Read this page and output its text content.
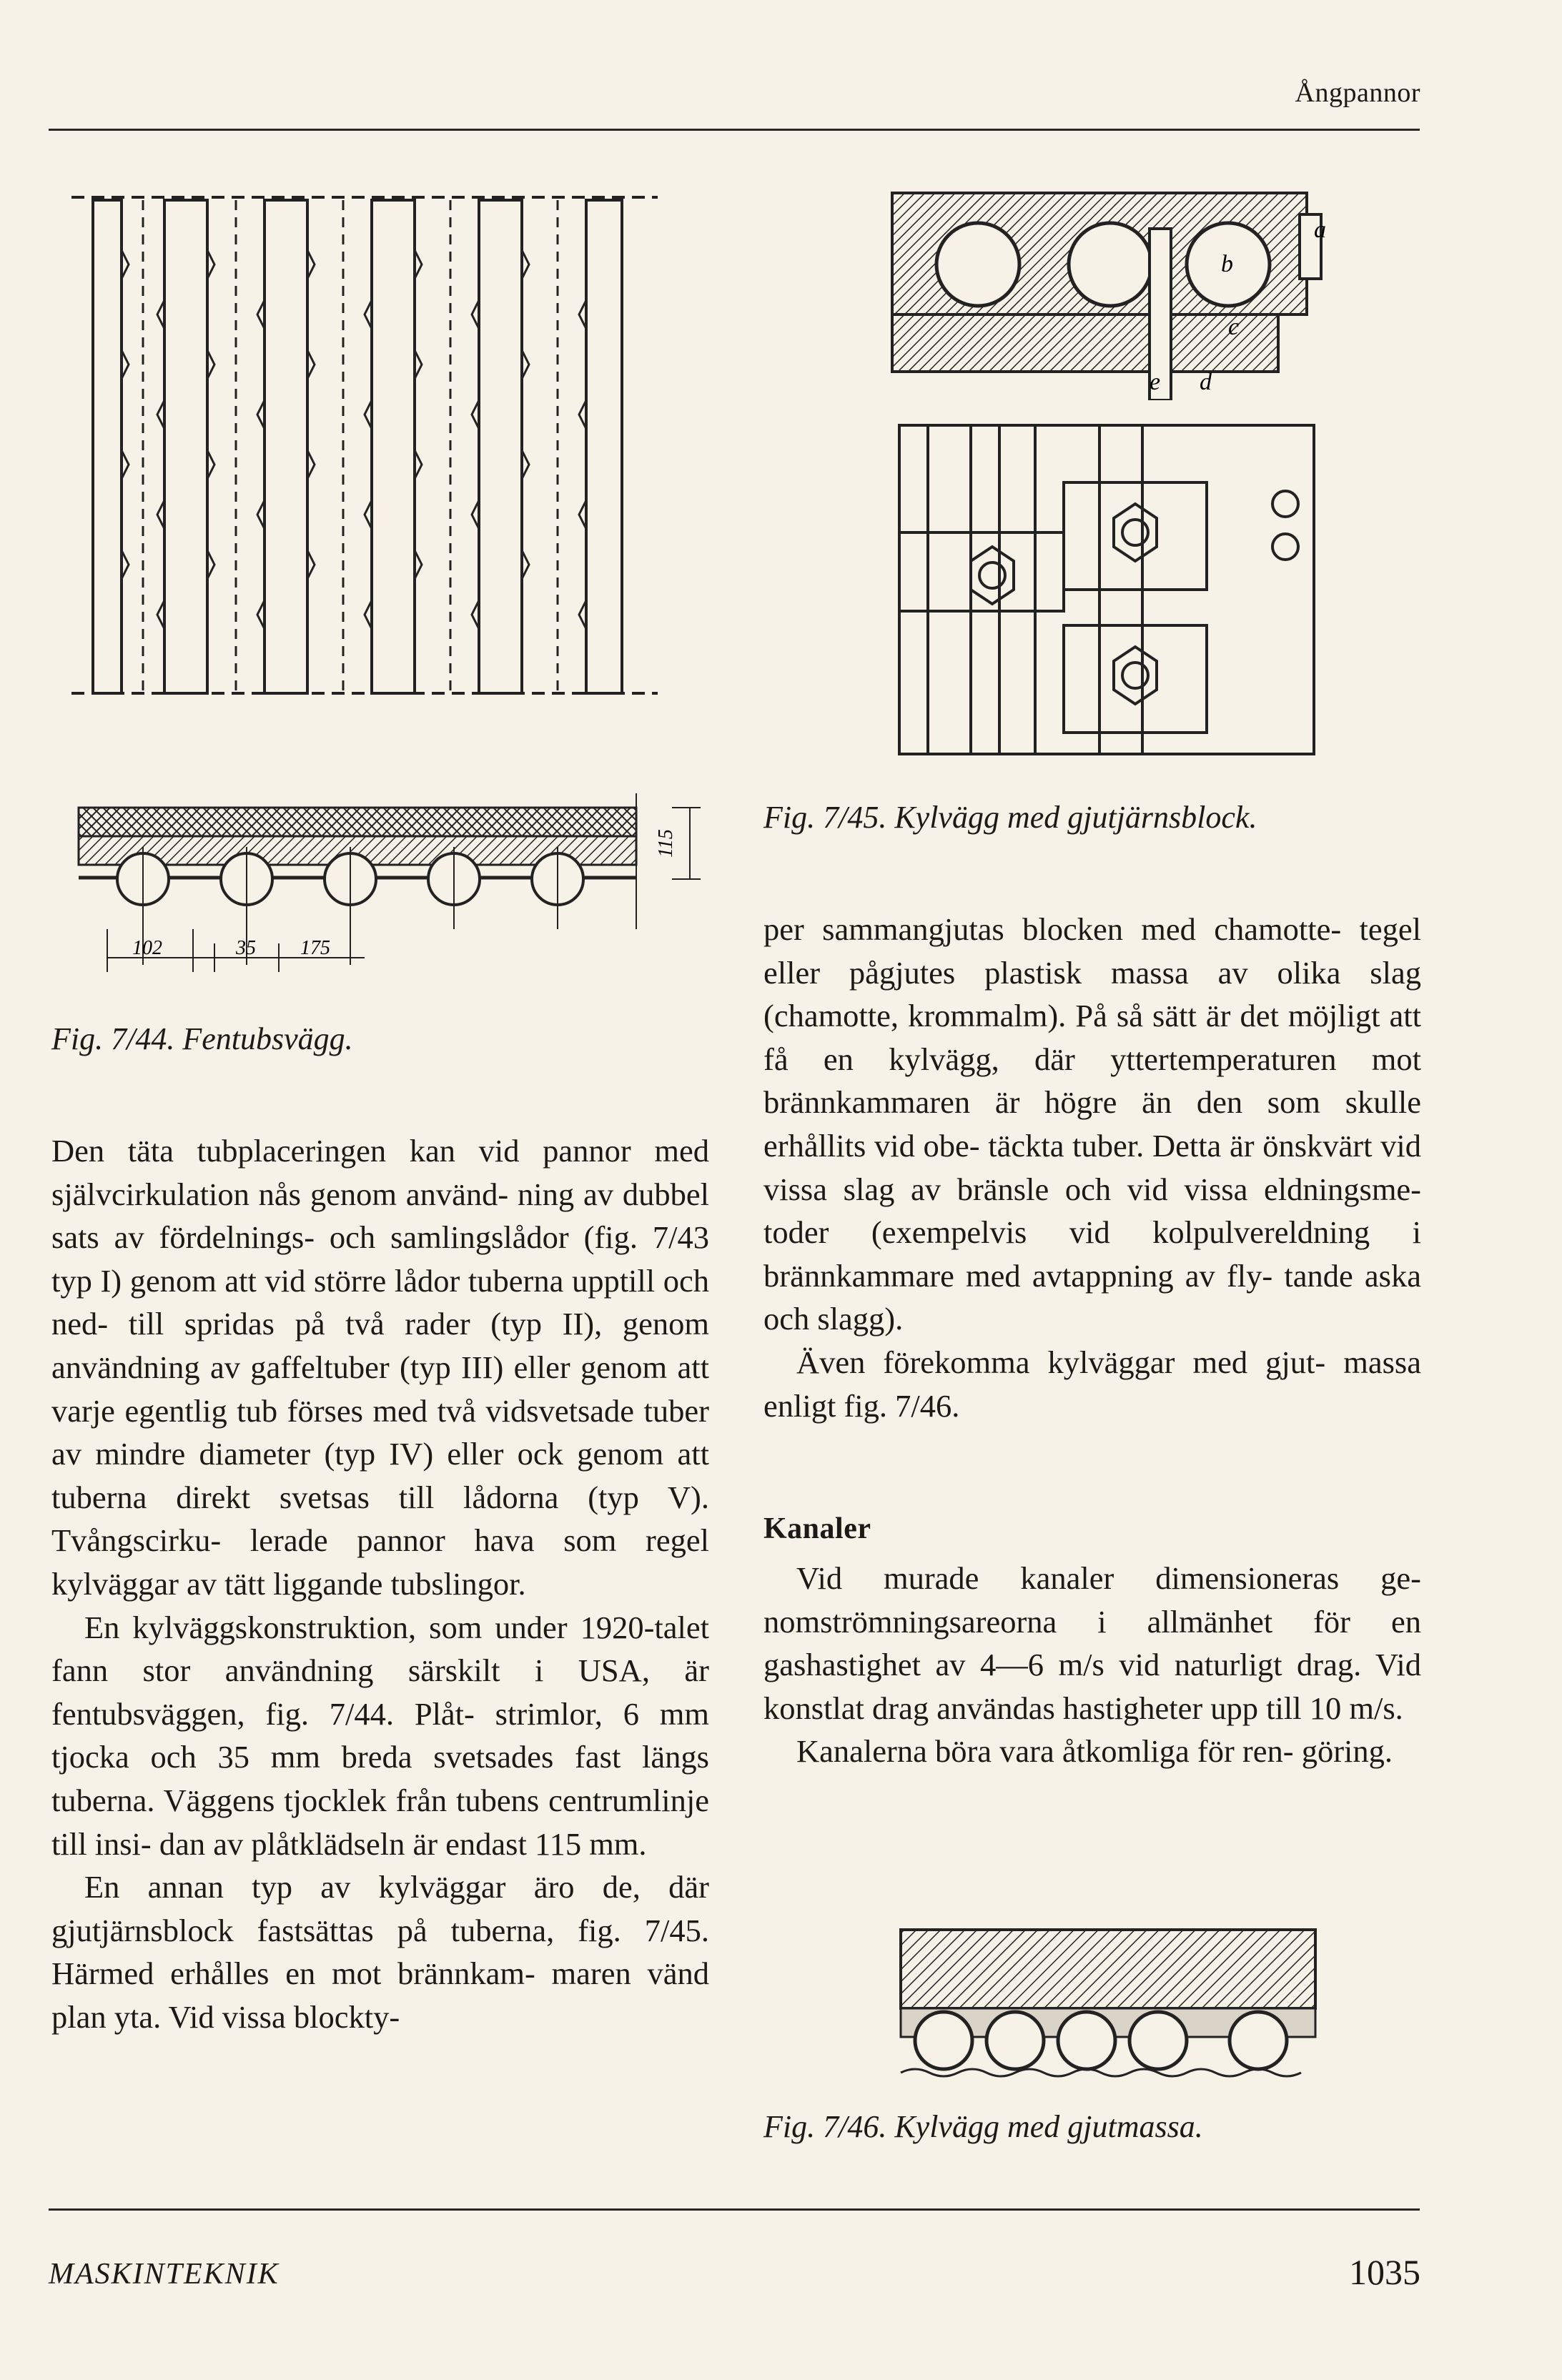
Ångpannor
102	35 175
115
Fig. 7/44. Fentubsvägg.
a
b
c
d
e
Fig. 7/45. Kylvägg med gjutjärnsblock.

Den täta tubplaceringen kan vid pannor med självcirkulation nås genom använd- ning av dubbel sats av fördelnings- och samlingslådor (fig. 7/43 typ I) genom att vid större lådor tuberna upptill och ned- till spridas på två rader (typ II), genom användning av gaffeltuber (typ III) eller genom att varje egentlig tub förses med två vidsvetsade tuber av mindre diameter (typ IV) eller ock genom att tuberna direkt svetsas till lådorna (typ V). Tvångscirku- lerade pannor hava som regel kylväggar av tätt liggande tubslingor.

En kylväggskonstruktion, som under 1920-talet fann stor användning särskilt i USA, är fentubsväggen, fig. 7/44. Plåt- strimlor, 6 mm tjocka och 35 mm breda svetsades fast längs tuberna. Väggens tjocklek från tubens centrumlinje till insi- dan av plåtklädseln är endast 115 mm.

En annan typ av kylväggar äro de, där gjutjärnsblock fastsättas på tuberna, fig. 7/45. Härmed erhålles en mot brännkam- maren vänd plan yta. Vid vissa blockty-

per sammangjutas blocken med chamotte- tegel eller pågjutes plastisk massa av olika slag (chamotte, krommalm). På så sätt är det möjligt att få en kylvägg, där yttertemperaturen mot brännkammaren är högre än den som skulle erhållits vid obe- täckta tuber. Detta är önskvärt vid vissa slag av bränsle och vid vissa eldningsme- toder (exempelvis vid kolpulvereldning i brännkammare med avtappning av fly- tande aska och slagg).

Även förekomma kylväggar med gjut- massa enligt fig. 7/46.

Kanaler

Vid murade kanaler dimensioneras ge- nomströmningsareorna i allmänhet för en gashastighet av 4—6 m/s vid naturligt drag. Vid konstlat drag användas hastigheter upp till 10 m/s.

Kanalerna böra vara åtkomliga för ren- göring.

Fig. 7/46. Kylvägg med gjutmassa.
MASKINTEKNIK	1035
